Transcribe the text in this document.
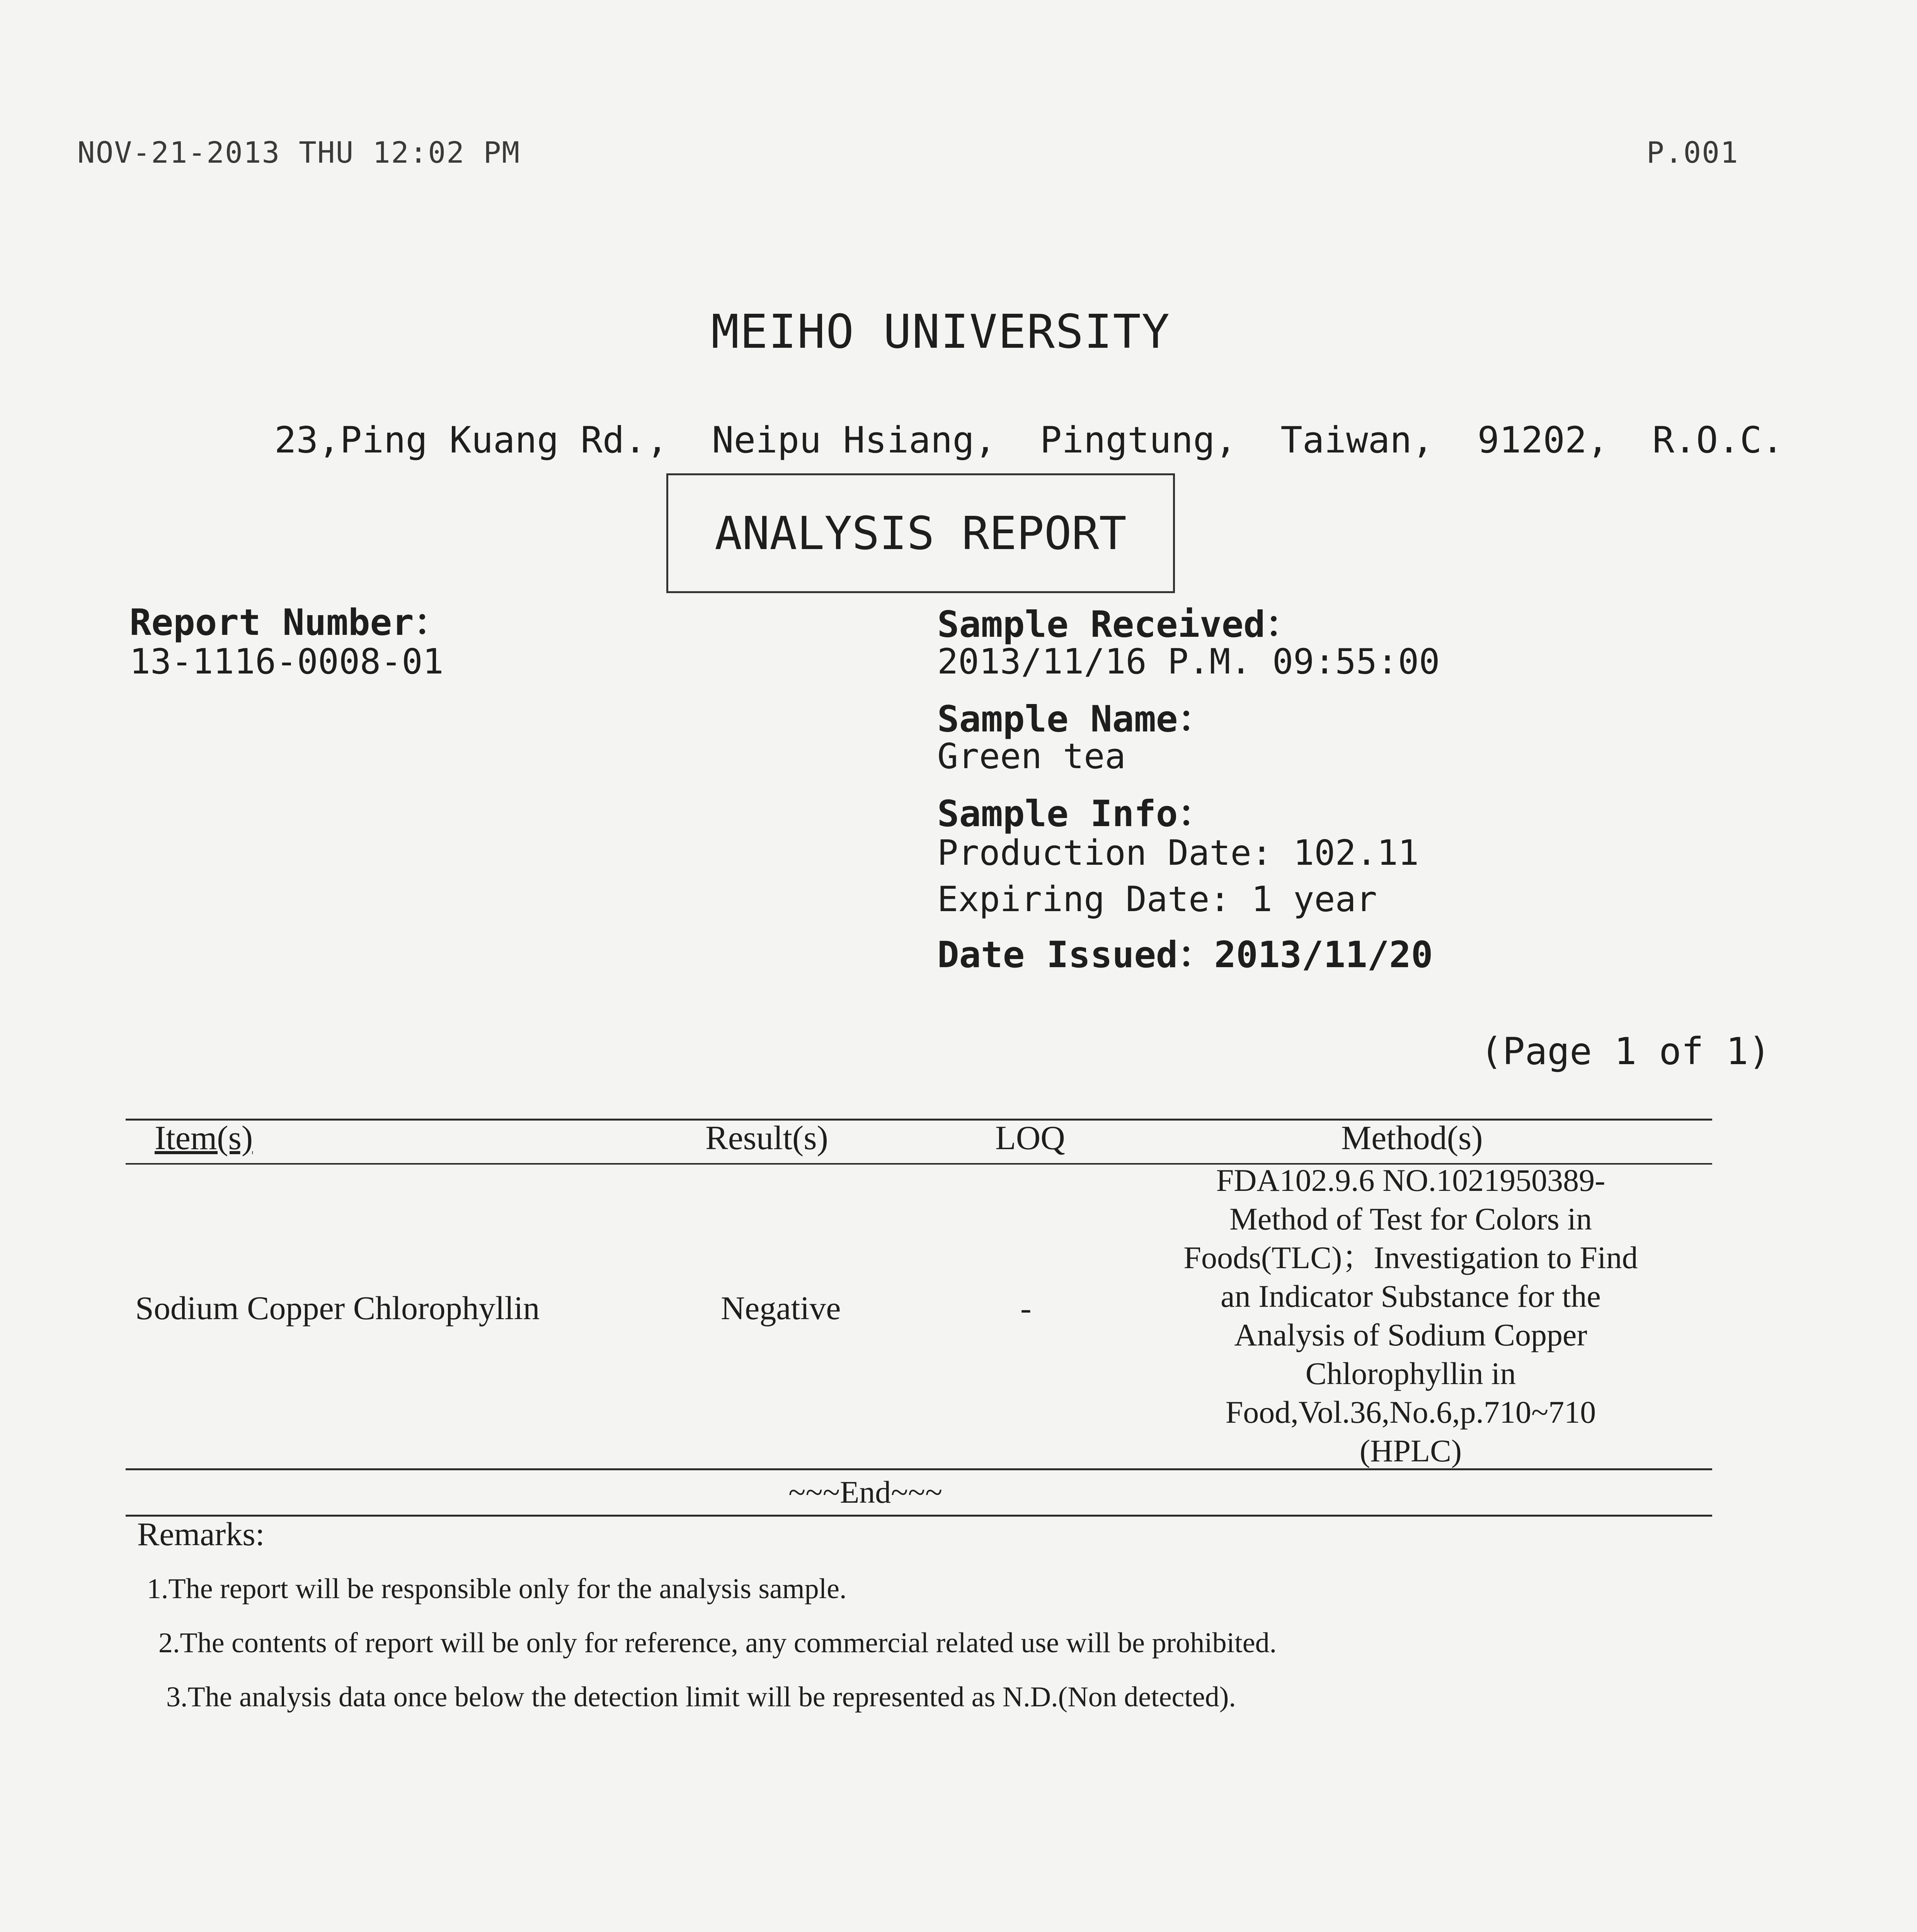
NOV-21-2013 THU 12:02 PM	P.001
MEIHO UNIVERSITY
23,Ping Kuang Rd.,  Neipu Hsiang,  Pingtung,  Taiwan,  91202,  R.O.C.
ANALYSIS REPORT
Report Number：
13-1116-0008-01
Sample Received：
2013/11/16 P.M. 09:55:00
Sample Name：
Green tea
Sample Info：
Production Date: 102.11
Expiring Date: 1 year
Date Issued：2013/11/20
(Page 1 of 1)
Item(s)	Result(s)	LOQ	Method(s)
Sodium Copper Chlorophyllin	Negative	-
FDA102.9.6 NO.1021950389-
Method of Test for Colors in
Foods(TLC)；Investigation to Find
an Indicator Substance for the
Analysis of Sodium Copper
Chlorophyllin in
Food,Vol.36,No.6,p.710~710
(HPLC)
~~~End~~~
Remarks:
1.The report will be responsible only for the analysis sample.
2.The contents of report will be only for reference, any commercial related use will be prohibited.
3.The analysis data once below the detection limit will be represented as N.D.(Non detected).
